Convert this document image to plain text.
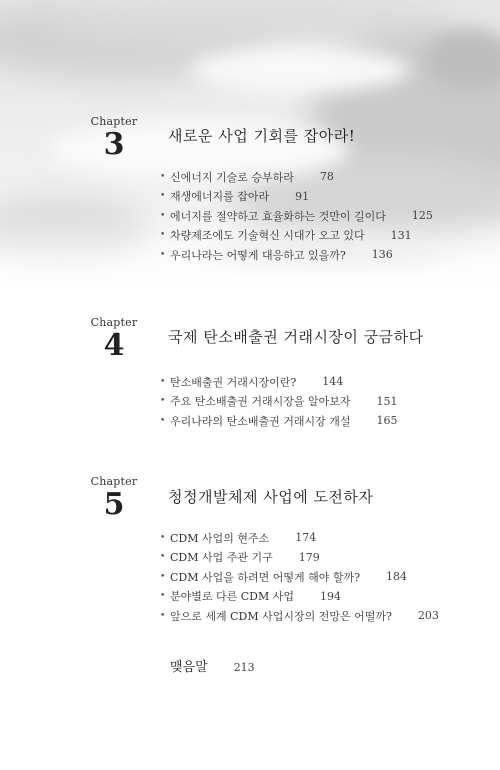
Chapter
3	새로운 사업 기회를 잡아라!
• 신에너지 기술로 승부하라 78
• 재생에너지를 잡아라 91
• 에너지를 절약하고 효율화하는 것만이 길이다 125
• 차량제조에도 기술혁신 시대가 오고 있다 131
• 우리나라는 어떻게 대응하고 있을까? 136
Chapter
4	국제 탄소배출권 거래시장이 궁금하다
• 탄소배출권 거래시장이란? 144
• 주요 탄소배출권 거래시장을 알아보자 151
• 우리나라의 탄소배출권 거래시장 개설 165
Chapter
5	청정개발체제 사업에 도전하자
• CDM 사업의 현주소 174
• CDM 사업 주관 기구 179
• CDM 사업을 하려면 어떻게 해야 할까? 184
• 분야별로 다른 CDM 사업 194
• 앞으로 세계 CDM 사업시장의 전망은 어떨까? 203
맺음말 213
